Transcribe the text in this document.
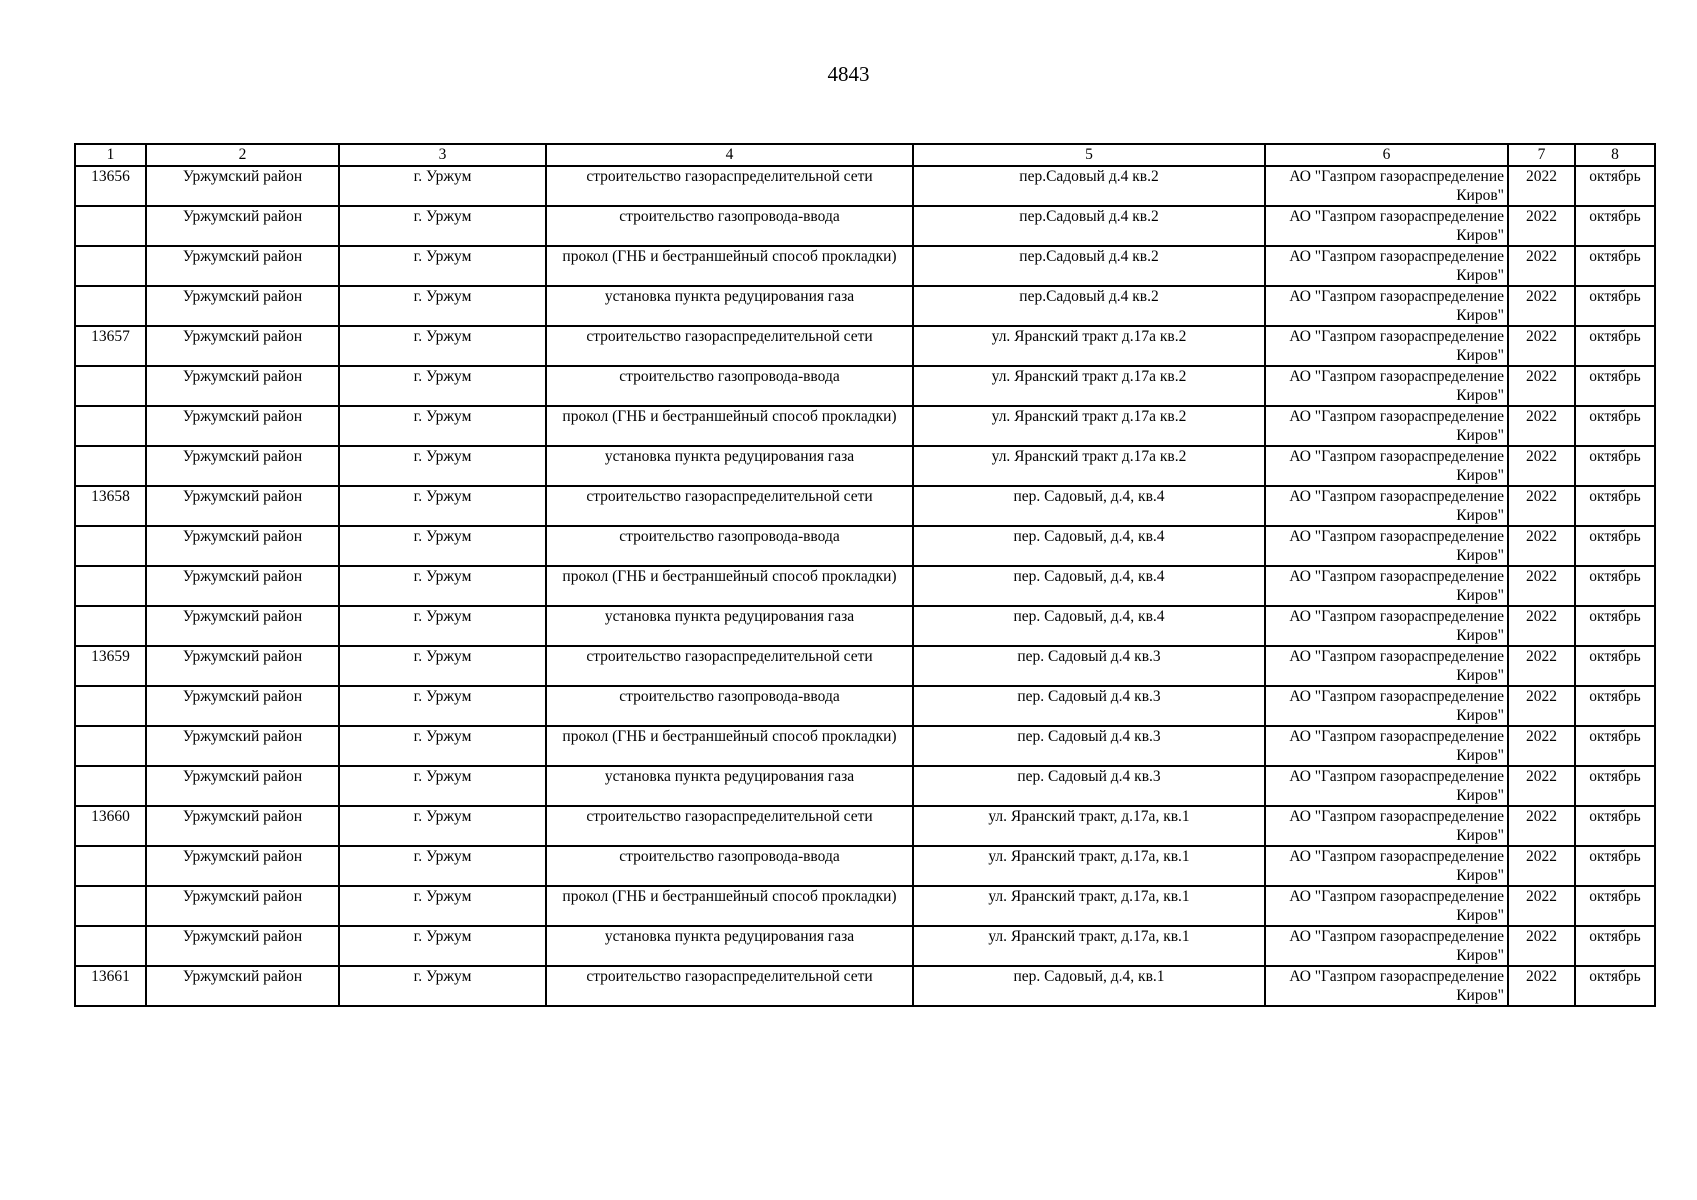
4843
1	2	3	4	5	6	7	8
13656	Уржумский район	г. Уржум	строительство газораспределительной сети	пер.Садовый д.4 кв.2	АО "Газпром газораспределение Киров"	2022	октябрь
	Уржумский район	г. Уржум	строительство газопровода-ввода	пер.Садовый д.4 кв.2	АО "Газпром газораспределение Киров"	2022	октябрь
	Уржумский район	г. Уржум	прокол (ГНБ и бестраншейный способ прокладки)	пер.Садовый д.4 кв.2	АО "Газпром газораспределение Киров"	2022	октябрь
	Уржумский район	г. Уржум	установка пункта редуцирования газа	пер.Садовый д.4 кв.2	АО "Газпром газораспределение Киров"	2022	октябрь
13657	Уржумский район	г. Уржум	строительство газораспределительной сети	ул. Яранский тракт д.17а кв.2	АО "Газпром газораспределение Киров"	2022	октябрь
	Уржумский район	г. Уржум	строительство газопровода-ввода	ул. Яранский тракт д.17а кв.2	АО "Газпром газораспределение Киров"	2022	октябрь
	Уржумский район	г. Уржум	прокол (ГНБ и бестраншейный способ прокладки)	ул. Яранский тракт д.17а кв.2	АО "Газпром газораспределение Киров"	2022	октябрь
	Уржумский район	г. Уржум	установка пункта редуцирования газа	ул. Яранский тракт д.17а кв.2	АО "Газпром газораспределение Киров"	2022	октябрь
13658	Уржумский район	г. Уржум	строительство газораспределительной сети	пер. Садовый, д.4, кв.4	АО "Газпром газораспределение Киров"	2022	октябрь
	Уржумский район	г. Уржум	строительство газопровода-ввода	пер. Садовый, д.4, кв.4	АО "Газпром газораспределение Киров"	2022	октябрь
	Уржумский район	г. Уржум	прокол (ГНБ и бестраншейный способ прокладки)	пер. Садовый, д.4, кв.4	АО "Газпром газораспределение Киров"	2022	октябрь
	Уржумский район	г. Уржум	установка пункта редуцирования газа	пер. Садовый, д.4, кв.4	АО "Газпром газораспределение Киров"	2022	октябрь
13659	Уржумский район	г. Уржум	строительство газораспределительной сети	пер. Садовый д.4 кв.3	АО "Газпром газораспределение Киров"	2022	октябрь
	Уржумский район	г. Уржум	строительство газопровода-ввода	пер. Садовый д.4 кв.3	АО "Газпром газораспределение Киров"	2022	октябрь
	Уржумский район	г. Уржум	прокол (ГНБ и бестраншейный способ прокладки)	пер. Садовый д.4 кв.3	АО "Газпром газораспределение Киров"	2022	октябрь
	Уржумский район	г. Уржум	установка пункта редуцирования газа	пер. Садовый д.4 кв.3	АО "Газпром газораспределение Киров"	2022	октябрь
13660	Уржумский район	г. Уржум	строительство газораспределительной сети	ул. Яранский тракт, д.17а, кв.1	АО "Газпром газораспределение Киров"	2022	октябрь
	Уржумский район	г. Уржум	строительство газопровода-ввода	ул. Яранский тракт, д.17а, кв.1	АО "Газпром газораспределение Киров"	2022	октябрь
	Уржумский район	г. Уржум	прокол (ГНБ и бестраншейный способ прокладки)	ул. Яранский тракт, д.17а, кв.1	АО "Газпром газораспределение Киров"	2022	октябрь
	Уржумский район	г. Уржум	установка пункта редуцирования газа	ул. Яранский тракт, д.17а, кв.1	АО "Газпром газораспределение Киров"	2022	октябрь
13661	Уржумский район	г. Уржум	строительство газораспределительной сети	пер. Садовый, д.4, кв.1	АО "Газпром газораспределение Киров"	2022	октябрь
